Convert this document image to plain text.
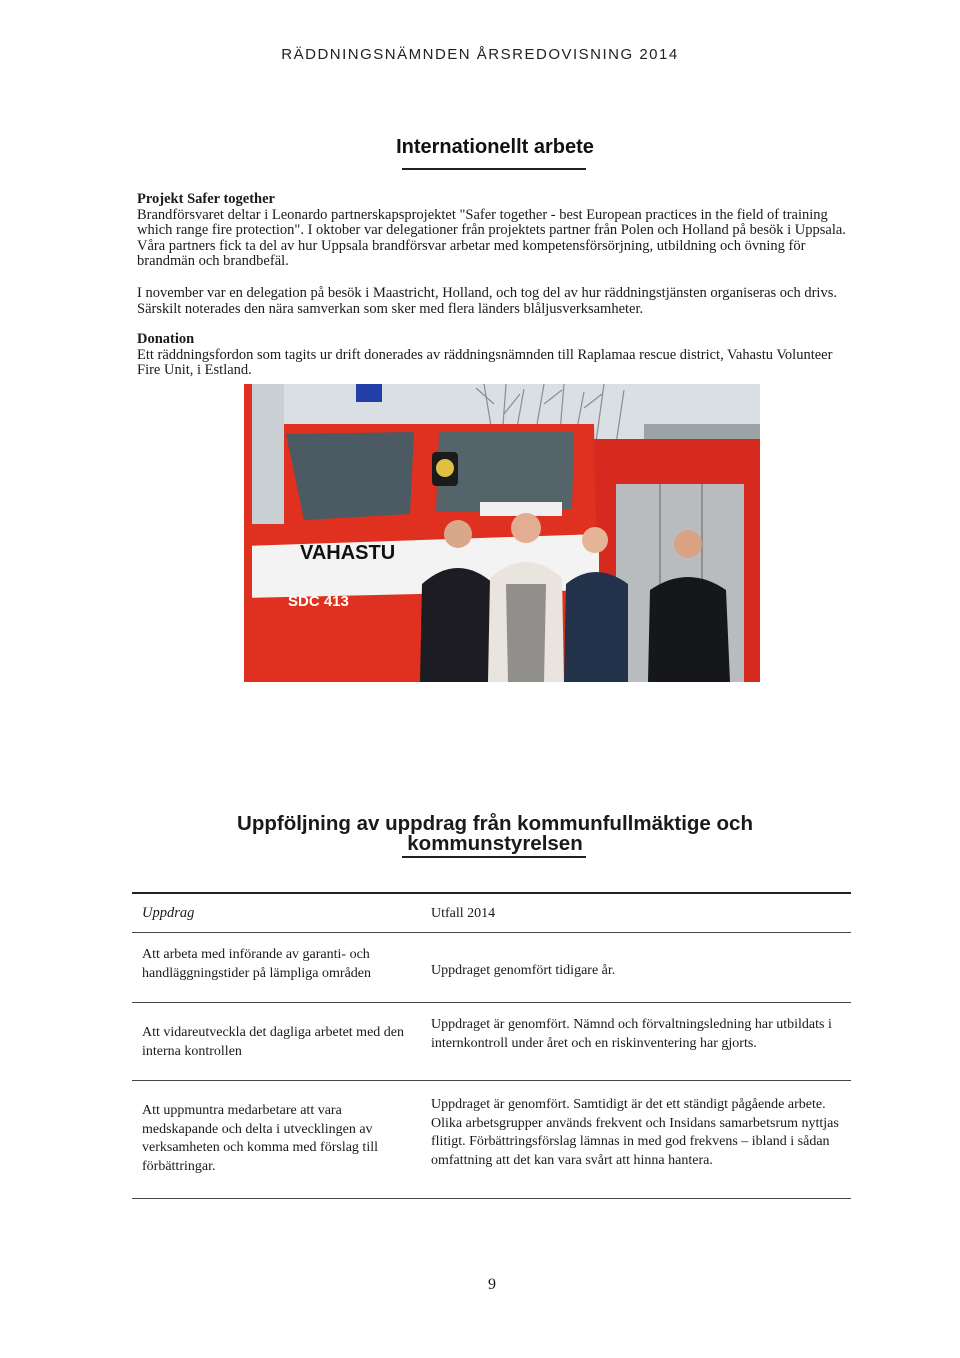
RÄDDNINGSNÄMNDEN ÅRSREDOVISNING 2014
Internationellt arbete
Projekt Safer together
Brandförsvaret deltar i Leonardo partnerskapsprojektet "Safer together - best European practices in the field of training which range fire protection". I oktober var delegationer från projektets partner från Polen och Holland på besök i Uppsala. Våra partners fick ta del av hur Uppsala brandförsvar arbetar med kompetensförsörjning, utbildning och övning för brandmän och brandbefäl.
I november var en delegation på besök i Maastricht, Holland, och tog del av hur räddningstjänsten organiseras och drivs. Särskilt noterades den nära samverkan som sker med flera länders blåljusverksamheter.
Donation
Ett räddningsfordon som tagits ur drift donerades av räddningsnämnden till Raplamaa rescue district, Vahastu Volunteer Fire Unit, i Estland.
VAHASTU
SDC 413
Uppföljning av uppdrag från kommunfullmäktige och
kommunstyrelsen
Uppdrag	Utfall 2014
Att arbeta med införande av garanti- och handläggningstider på lämpliga områden	Uppdraget genomfört tidigare år.
Att vidareutveckla det dagliga arbetet med den interna kontrollen
Uppdraget är genomfört. Nämnd och förvaltningsledning har utbildats i internkontroll under året och en riskinventering har gjorts.
Att uppmuntra medarbetare att vara medskapande och delta i utvecklingen av verksamheten och komma med förslag till förbättringar.
Uppdraget är genomfört. Samtidigt är det ett ständigt pågående arbete. Olika arbetsgrupper används frekvent och Insidans samarbetsrum nyttjas flitigt. Förbättringsförslag lämnas in med god frekvens – ibland i sådan omfattning att det kan vara svårt att hinna hantera.
9
